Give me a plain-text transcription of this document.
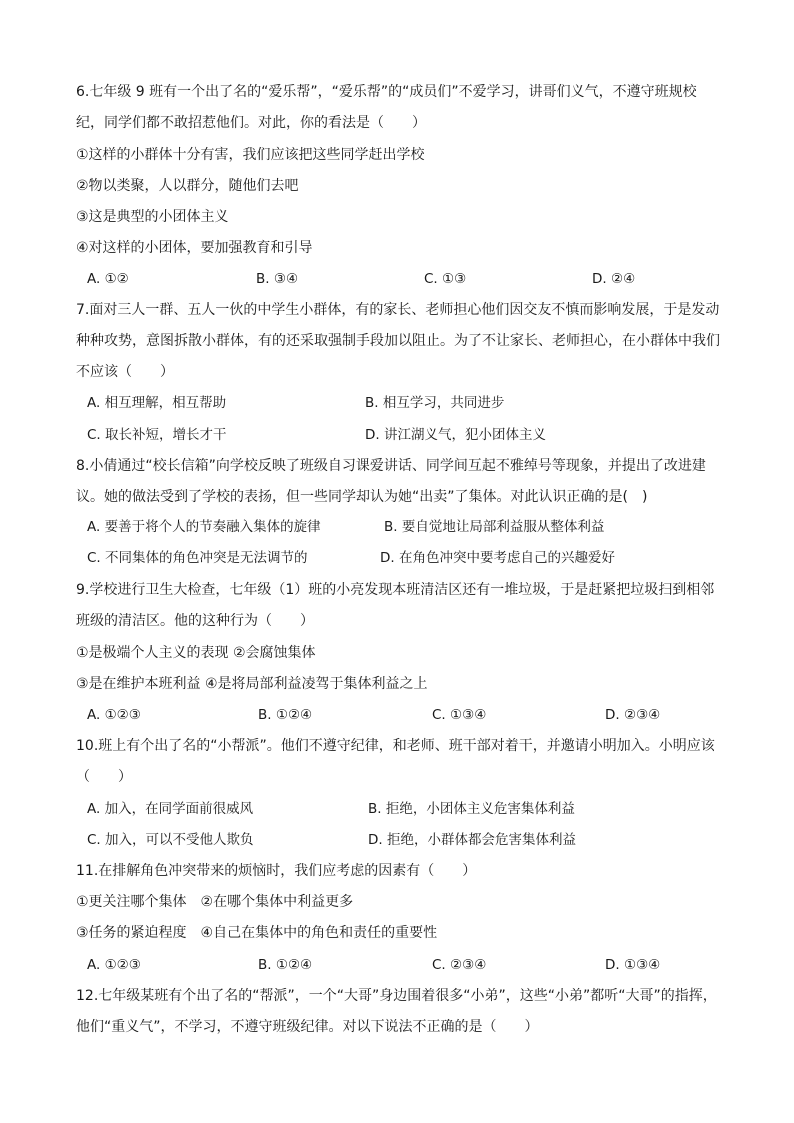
6.七年级 9 班有一个出了名的“爱乐帮”，“爱乐帮”的“成员们”不爱学习，讲哥们义气，不遵守班规校纪，同学们都不敢招惹他们。对此，你的看法是（　　）
①这样的小群体十分有害，我们应该把这些同学赶出学校
②物以类聚，人以群分，随他们去吧
③这是典型的小团体主义
④对这样的小团体，要加强教育和引导
A. ①②	B. ③④	C. ①③	D. ②④
7.面对三人一群、五人一伙的中学生小群体，有的家长、老师担心他们因交友不慎而影响发展，于是发动种种攻势，意图拆散小群体，有的还采取强制手段加以阻止。为了不让家长、老师担心，在小群体中我们不应该（　　）
A. 相互理解，相互帮助	B. 相互学习，共同进步
C. 取长补短，增长才干	D. 讲江湖义气，犯小团体主义
8.小倩通过“校长信箱”向学校反映了班级自习课爱讲话、同学间互起不雅绰号等现象，并提出了改进建议。她的做法受到了学校的表扬，但一些同学却认为她“出卖”了集体。对此认识正确的是(　)
A. 要善于将个人的节奏融入集体的旋律	B. 要自觉地让局部利益服从整体利益
C. 不同集体的角色冲突是无法调节的	D. 在角色冲突中要考虑自己的兴趣爱好
9.学校进行卫生大检查，七年级（1）班的小亮发现本班清洁区还有一堆垃圾，于是赶紧把垃圾扫到相邻班级的清洁区。他的这种行为（　　）
①是极端个人主义的表现 ②会腐蚀集体
③是在维护本班利益 ④是将局部利益凌驾于集体利益之上
A. ①②③	B. ①②④	C. ①③④	D. ②③④
10.班上有个出了名的“小帮派”。他们不遵守纪律，和老师、班干部对着干，并邀请小明加入。小明应该（　　）
A. 加入，在同学面前很威风	B. 拒绝，小团体主义危害集体利益
C. 加入，可以不受他人欺负	D. 拒绝，小群体都会危害集体利益
11.在排解角色冲突带来的烦恼时，我们应考虑的因素有（　　）
①更关注哪个集体　②在哪个集体中利益更多
③任务的紧迫程度　④自己在集体中的角色和责任的重要性
A. ①②③	B. ①②④	C. ②③④	D. ①③④
12.七年级某班有个出了名的“帮派”，一个“大哥”身边围着很多“小弟”，这些“小弟”都听“大哥”的指挥，他们“重义气”，不学习，不遵守班级纪律。对以下说法不正确的是（　　）
